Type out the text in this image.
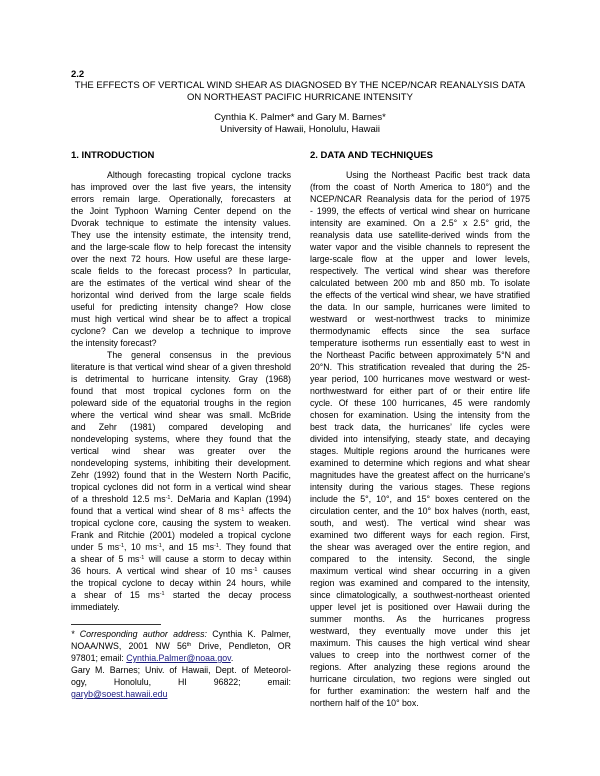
2.2
THE EFFECTS OF VERTICAL WIND SHEAR AS DIAGNOSED BY THE NCEP/NCAR REANALYSIS DATA
ON NORTHEAST PACIFIC HURRICANE INTENSITY
Cynthia K. Palmer* and Gary M. Barnes*
University of Hawaii, Honolulu, Hawaii
1. INTRODUCTION	2. DATA AND TECHNIQUES
Although forecasting tropical cyclone tracks
has improved over the last five years, the intensity
errors remain large. Operationally, forecasters at
the Joint Typhoon Warning Center depend on the
Dvorak technique to estimate the intensity values.
They use the intensity estimate, the intensity trend,
and the large-scale flow to help forecast the intensity
over the next 72 hours. How useful are these large-
scale fields to the forecast process? In particular,
are the estimates of the vertical wind shear of the
horizontal wind derived from the large scale fields
useful for predicting intensity change? How close
must high vertical wind shear be to affect a tropical
cyclone? Can we develop a technique to improve
the intensity forecast?
The general consensus in the previous
literature is that vertical wind shear of a given threshold
is detrimental to hurricane intensity. Gray (1968)
found that most tropical cyclones form on the
poleward side of the equatorial troughs in the region
where the vertical wind shear was small. McBride
and Zehr (1981) compared developing and
nondeveloping systems, where they found that the
vertical wind shear was greater over the
nondeveloping systems, inhibiting their development.
Zehr (1992) found that in the Western North Pacific,
tropical cyclones did not form in a vertical wind shear
of a threshold 12.5 $ms^{-1}$. DeMaria and Kaplan (1994)
found that a vertical wind shear of 8 $ms^{-1}$ affects the
tropical cyclone core, causing the system to weaken.
Frank and Ritchie (2001) modeled a tropical cyclone
under 5 $ms^{-1}$, 10 $ms^{-1}$, and 15 $ms^{-1}$. They found that
a shear of 5 $ms^{-1}$ will cause a storm to decay within
36 hours. A vertical wind shear of 10 $ms^{-1}$ causes
the tropical cyclone to decay within 24 hours, while
a shear of 15 $ms^{-1}$ started the decay process
immediately.
Using the Northeast Pacific best track data
(from the coast of North America to 180°) and the
NCEP/NCAR Reanalysis data for the period of 1975
- 1999, the effects of vertical wind shear on hurricane
intensity are examined. On a 2.5° x 2.5° grid, the
reanalysis data use satellite-derived winds from the
water vapor and the visible channels to represent the
large-scale flow at the upper and lower levels,
respectively. The vertical wind shear was therefore
calculated between 200 mb and 850 mb. To isolate
the effects of the vertical wind shear, we have stratified
the data. In our sample, hurricanes were limited to
westward or west-northwest tracks to minimize
thermodynamic effects since the sea surface
temperature isotherms run essentially east to west in
the Northeast Pacific between approximately 5°N and
20°N. This stratification revealed that during the 25-
year period, 100 hurricanes move westward or west-
northwestward for either part of or their entire life
cycle. Of these 100 hurricanes, 45 were randomly
chosen for examination. Using the intensity from the
best track data, the hurricanes’ life cycles were
divided into intensifying, steady state, and decaying
stages. Multiple regions around the hurricanes were
examined to determine which regions and what shear
magnitudes have the greatest affect on the hurricane’s
intensity during the various stages. These regions
include the 5°, 10°, and 15° boxes centered on the
circulation center, and the 10° box halves (north, east,
south, and west). The vertical wind shear was
examined two different ways for each region. First,
the shear was averaged over the entire region, and
compared to the intensity. Second, the single
maximum vertical wind shear occurring in a given
region was examined and compared to the intensity,
since climatologically, a southwest-northeast oriented
upper level jet is positioned over Hawaii during the
summer months. As the hurricanes progress
westward, they eventually move under this jet
maximum. This causes the high vertical wind shear
values to creep into the northwest corner of the
regions. After analyzing these regions around the
hurricane circulation, two regions were singled out
for further examination: the western half and the
northern half of the 10° box.
* Corresponding author address: Cynthia K. Palmer,
NOAA/NWS, 2001 NW 56th Drive, Pendleton, OR
97801; email: Cynthia.Palmer@noaa.gov.
Gary M. Barnes; Univ. of Hawaii, Dept. of Meteorol-
ogy, Honolulu, HI 96822; email:
garyb@soest.hawaii.edu
